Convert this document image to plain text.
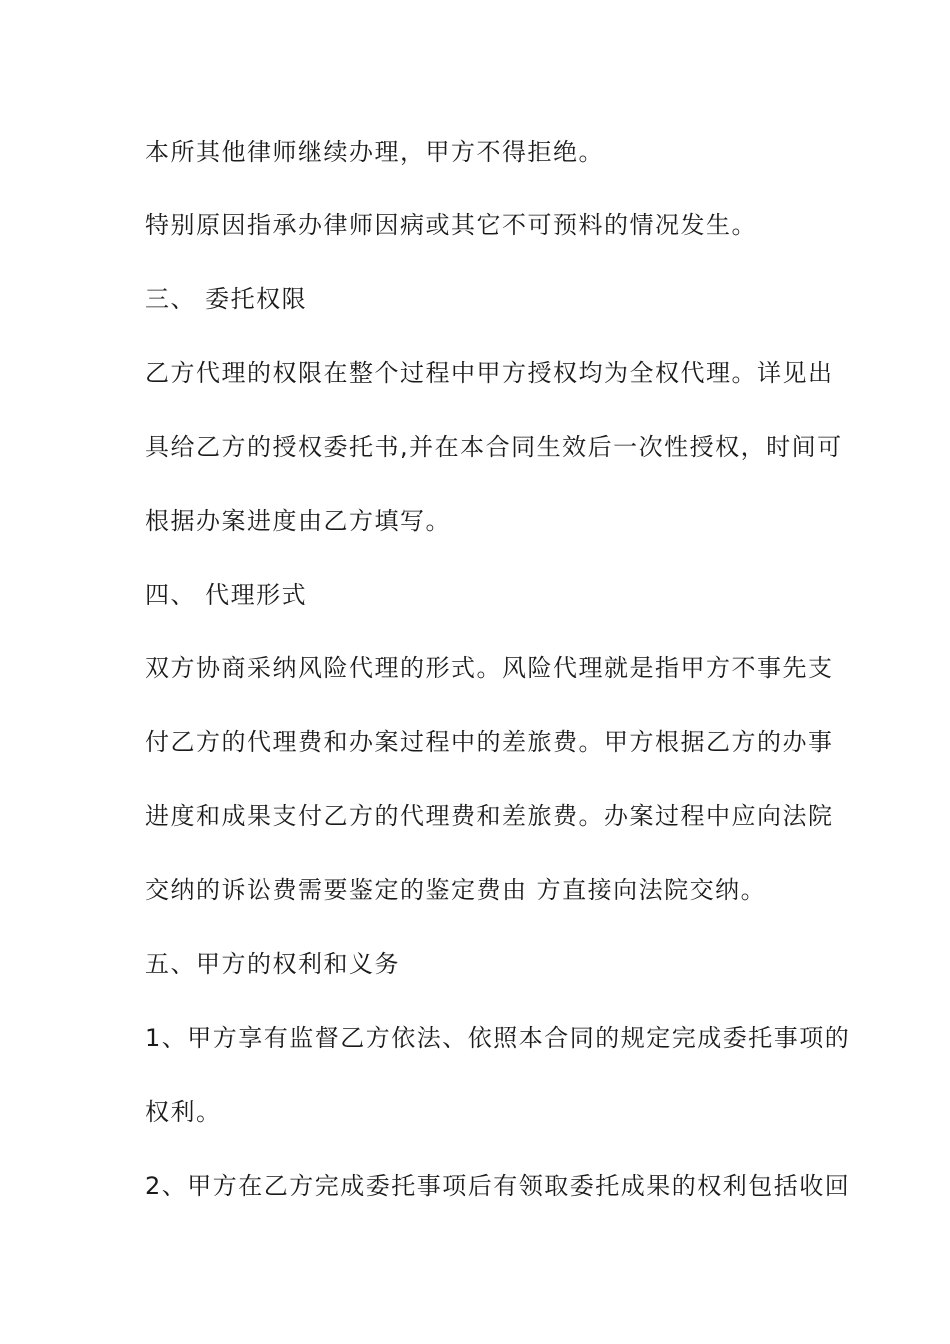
本所其他律师继续办理，甲方不得拒绝。
特别原因指承办律师因病或其它不可预料的情况发生。
三、 委托权限
乙方代理的权限在整个过程中甲方授权均为全权代理。详见出
具给乙方的授权委托书,并在本合同生效后一次性授权，时间可
根据办案进度由乙方填写。
四、 代理形式
双方协商采纳风险代理的形式。风险代理就是指甲方不事先支
付乙方的代理费和办案过程中的差旅费。甲方根据乙方的办事
进度和成果支付乙方的代理费和差旅费。办案过程中应向法院
交纳的诉讼费需要鉴定的鉴定费由 方直接向法院交纳。
五、甲方的权利和义务
1、甲方享有监督乙方依法、依照本合同的规定完成委托事项的
权利。
2、甲方在乙方完成委托事项后有领取委托成果的权利包括收回
